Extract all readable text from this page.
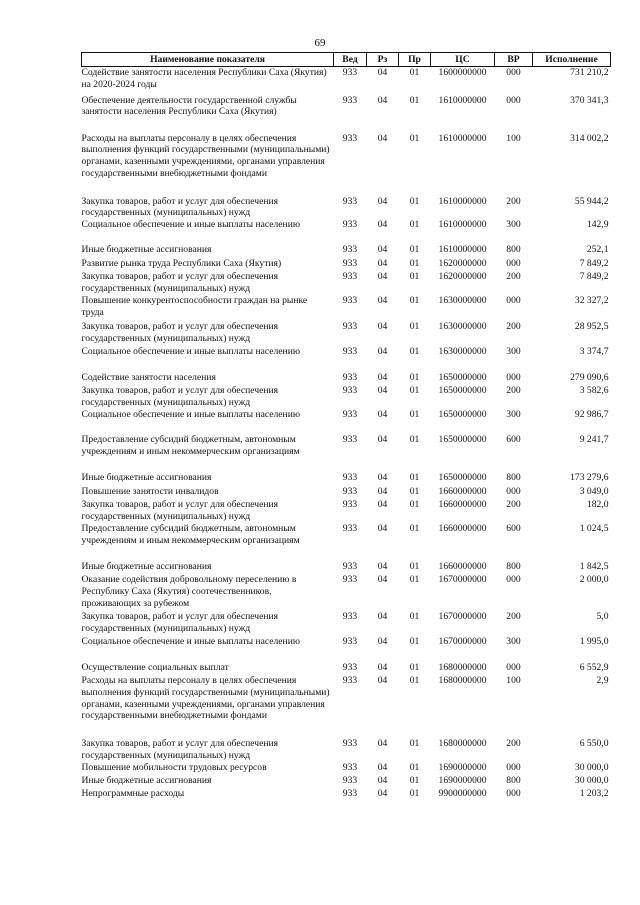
69
Наименование показателя	Вед	Рз	Пр	ЦС	ВР	Исполнение
Содействие занятости населения Республики Саха (Якутия) на 2020-2024 годы	933	04	01	1600000000	000	731 210,2
Обеспечение деятельности государственной службы занятости населения Республики Саха (Якутия)	933	04	01	1610000000	000	370 341,3
Расходы на выплаты персоналу в целях обеспечения выполнения функций государственными (муниципальными) органами, казенными учреждениями, органами управления государственными внебюджетными фондами	933	04	01	1610000000	100	314 002,2
Закупка товаров, работ и услуг для обеспечения государственных (муниципальных) нужд	933	04	01	1610000000	200	55 944,2
Социальное обеспечение и иные выплаты населению	933	04	01	1610000000	300	142,9
Иные бюджетные ассигнования	933	04	01	1610000000	800	252,1
Развитие рынка труда Республики Саха (Якутия)	933	04	01	1620000000	000	7 849,2
Закупка товаров, работ и услуг для обеспечения государственных (муниципальных) нужд	933	04	01	1620000000	200	7 849,2
Повышение конкурентоспособности граждан на рынке труда	933	04	01	1630000000	000	32 327,2
Закупка товаров, работ и услуг для обеспечения государственных (муниципальных) нужд	933	04	01	1630000000	200	28 952,5
Социальное обеспечение и иные выплаты населению	933	04	01	1630000000	300	3 374,7
Содействие занятости населения	933	04	01	1650000000	000	279 090,6
Закупка товаров, работ и услуг для обеспечения государственных (муниципальных) нужд	933	04	01	1650000000	200	3 582,6
Социальное обеспечение и иные выплаты населению	933	04	01	1650000000	300	92 986,7
Предоставление субсидий бюджетным, автономным учреждениям и иным некоммерческим организациям	933	04	01	1650000000	600	9 241,7
Иные бюджетные ассигнования	933	04	01	1650000000	800	173 279,6
Повышение занятости инвалидов	933	04	01	1660000000	000	3 049,0
Закупка товаров, работ и услуг для обеспечения государственных (муниципальных) нужд	933	04	01	1660000000	200	182,0
Предоставление субсидий бюджетным, автономным учреждениям и иным некоммерческим организациям	933	04	01	1660000000	600	1 024,5
Иные бюджетные ассигнования	933	04	01	1660000000	800	1 842,5
Оказание содействия добровольному переселению в Республику Саха (Якутия) соотечественников, проживающих за рубежом	933	04	01	1670000000	000	2 000,0
Закупка товаров, работ и услуг для обеспечения государственных (муниципальных) нужд	933	04	01	1670000000	200	5,0
Социальное обеспечение и иные выплаты населению	933	04	01	1670000000	300	1 995,0
Осуществление социальных выплат	933	04	01	1680000000	000	6 552,9
Расходы на выплаты персоналу в целях обеспечения выполнения функций государственными (муниципальными) органами, казенными учреждениями, органами управления государственными внебюджетными фондами	933	04	01	1680000000	100	2,9
Закупка товаров, работ и услуг для обеспечения государственных (муниципальных) нужд	933	04	01	1680000000	200	6 550,0
Повышение мобильности трудовых ресурсов	933	04	01	1690000000	000	30 000,0
Иные бюджетные ассигнования	933	04	01	1690000000	800	30 000,0
Непрограммные расходы	933	04	01	9900000000	000	1 203,2
